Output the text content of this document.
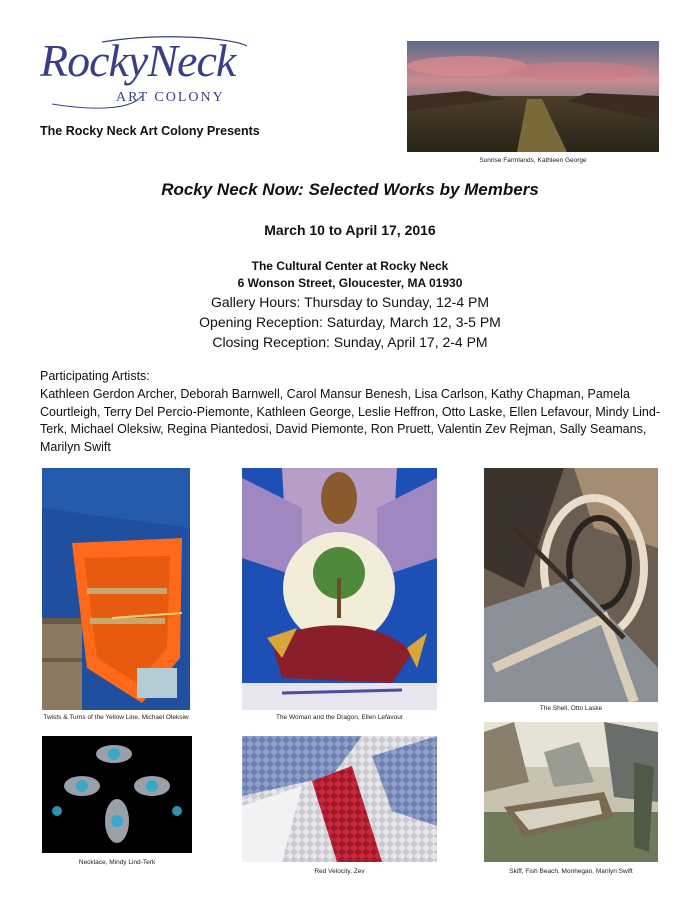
RockyNeck
ART COLONY
The Rocky Neck Art Colony Presents
Sunrise Farmlands, Kathleen George
Rocky Neck Now: Selected Works by Members
March 10 to April 17, 2016
The Cultural Center at Rocky Neck
6 Wonson Street, Gloucester, MA 01930
Gallery Hours: Thursday to Sunday, 12-4 PM
Opening Reception: Saturday, March 12, 3-5 PM
Closing Reception: Sunday, April 17, 2-4 PM
Participating Artists:
Kathleen Gerdon Archer, Deborah Barnwell, Carol Mansur Benesh, Lisa Carlson, Kathy Chapman, Pamela Courtleigh, Terry Del Percio-Piemonte, Kathleen George, Leslie Heffron, Otto Laske, Ellen Lefavour, Mindy Lind-Terk, Michael Oleksiw, Regina Piantedosi, David Piemonte, Ron Pruett, Valentin Zev Rejman, Sally Seamans, Marilyn Swift
Twists & Turns of the Yellow Line, Michael Oleksiw	The Woman and the Dragon, Ellen Lefavour
The Shell, Otto Laske
Necklace, Mindy Lind-Terk
Red Velocity, Zev	Skiff, Fish Beach, Monhegan, Marilyn Swift
